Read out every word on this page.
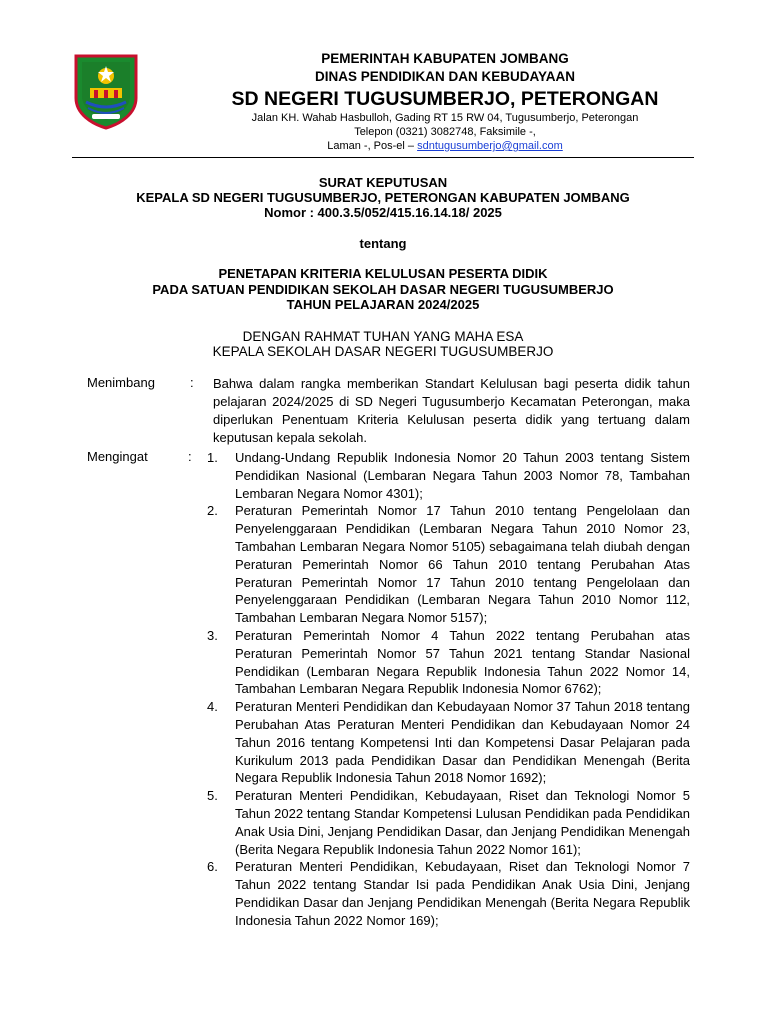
PEMERINTAH KABUPATEN JOMBANG
DINAS PENDIDIKAN DAN KEBUDAYAAN
SD NEGERI TUGUSUMBERJO, PETERONGAN
Jalan KH. Wahab Hasbulloh, Gading RT 15 RW 04, Tugusumberjo, Peterongan
Telepon (0321) 3082748, Faksimile -,
Laman -, Pos-el – sdntugusumberjo@gmail.com
SURAT KEPUTUSAN
KEPALA SD NEGERI TUGUSUMBERJO, PETERONGAN KABUPATEN JOMBANG
Nomor : 400.3.5/052/415.16.14.18/ 2025
tentang
PENETAPAN KRITERIA KELULUSAN PESERTA DIDIK
PADA SATUAN PENDIDIKAN SEKOLAH DASAR NEGERI TUGUSUMBERJO
TAHUN PELAJARAN 2024/2025
DENGAN RAHMAT TUHAN YANG MAHA ESA
KEPALA SEKOLAH DASAR NEGERI TUGUSUMBERJO
Menimbang	: Bahwa dalam rangka memberikan Standart Kelulusan bagi peserta didik tahun pelajaran 2024/2025 di SD Negeri Tugusumberjo Kecamatan Peterongan, maka diperlukan Penentuam Kriteria Kelulusan peserta didik yang tertuang dalam keputusan kepala sekolah.
Mengingat	: 1. Undang-Undang Republik Indonesia Nomor 20 Tahun 2003 tentang Sistem Pendidikan Nasional (Lembaran Negara Tahun 2003 Nomor 78, Tambahan Lembaran Negara Nomor 4301);
2. Peraturan Pemerintah Nomor 17 Tahun 2010 tentang Pengelolaan dan Penyelenggaraan Pendidikan (Lembaran Negara Tahun 2010 Nomor 23, Tambahan Lembaran Negara Nomor 5105) sebagaimana telah diubah dengan Peraturan Pemerintah Nomor 66 Tahun 2010 tentang Perubahan Atas Peraturan Pemerintah Nomor 17 Tahun 2010 tentang Pengelolaan dan Penyelenggaraan Pendidikan (Lembaran Negara Tahun 2010 Nomor 112, Tambahan Lembaran Negara Nomor 5157);
3. Peraturan Pemerintah Nomor 4 Tahun 2022 tentang Perubahan atas Peraturan Pemerintah Nomor 57 Tahun 2021 tentang Standar Nasional Pendidikan (Lembaran Negara Republik Indonesia Tahun 2022 Nomor 14, Tambahan Lembaran Negara Republik Indonesia Nomor 6762);
4. Peraturan Menteri Pendidikan dan Kebudayaan Nomor 37 Tahun 2018 tentang Perubahan Atas Peraturan Menteri Pendidikan dan Kebudayaan Nomor 24 Tahun 2016 tentang Kompetensi Inti dan Kompetensi Dasar Pelajaran pada Kurikulum 2013 pada Pendidikan Dasar dan Pendidikan Menengah (Berita Negara Republik Indonesia Tahun 2018 Nomor 1692);
5. Peraturan Menteri Pendidikan, Kebudayaan, Riset dan Teknologi Nomor 5 Tahun 2022 tentang Standar Kompetensi Lulusan Pendidikan pada Pendidikan Anak Usia Dini, Jenjang Pendidikan Dasar, dan Jenjang Pendidikan Menengah (Berita Negara Republik Indonesia Tahun 2022 Nomor 161);
6. Peraturan Menteri Pendidikan, Kebudayaan, Riset dan Teknologi Nomor 7 Tahun 2022 tentang Standar Isi pada Pendidikan Anak Usia Dini, Jenjang Pendidikan Dasar dan Jenjang Pendidikan Menengah (Berita Negara Republik Indonesia Tahun 2022 Nomor 169);
